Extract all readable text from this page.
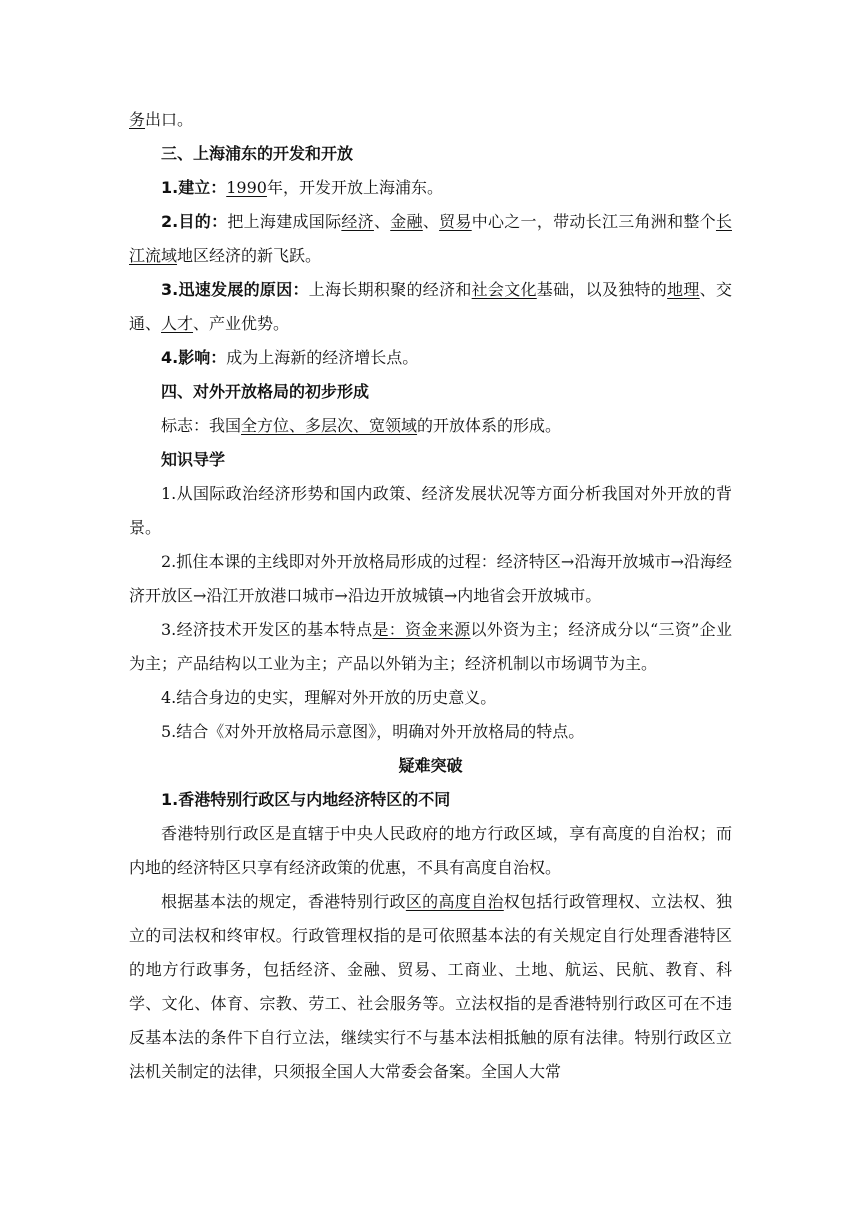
务出口。

三、上海浦东的开发和开放

1.建立：1990年，开发开放上海浦东。

2.目的：把上海建成国际经济、金融、贸易中心之一，带动长江三角洲和整个长江流域地区经济的新飞跃。

3.迅速发展的原因：上海长期积聚的经济和社会文化基础，以及独特的地理、交通、人才、产业优势。

4.影响：成为上海新的经济增长点。

四、对外开放格局的初步形成

标志：我国全方位、多层次、宽领域的开放体系的形成。

知识导学

1.从国际政治经济形势和国内政策、经济发展状况等方面分析我国对外开放的背景。

2.抓住本课的主线即对外开放格局形成的过程：经济特区→沿海开放城市→沿海经济开放区→沿江开放港口城市→沿边开放城镇→内地省会开放城市。

3.经济技术开发区的基本特点是：资金来源以外资为主；经济成分以“三资”企业为主；产品结构以工业为主；产品以外销为主；经济机制以市场调节为主。

4.结合身边的史实，理解对外开放的历史意义。

5.结合《对外开放格局示意图》，明确对外开放格局的特点。

疑难突破

1.香港特别行政区与内地经济特区的不同

香港特别行政区是直辖于中央人民政府的地方行政区域，享有高度的自治权；而内地的经济特区只享有经济政策的优惠，不具有高度自治权。

根据基本法的规定，香港特别行政区的高度自治权包括行政管理权、立法权、独立的司法权和终审权。行政管理权指的是可依照基本法的有关规定自行处理香港特区的地方行政事务，包括经济、金融、贸易、工商业、土地、航运、民航、教育、科学、文化、体育、宗教、劳工、社会服务等。立法权指的是香港特别行政区可在不违反基本法的条件下自行立法，继续实行不与基本法相抵触的原有法律。特别行政区立法机关制定的法律，只须报全国人大常委会备案。全国人大常
